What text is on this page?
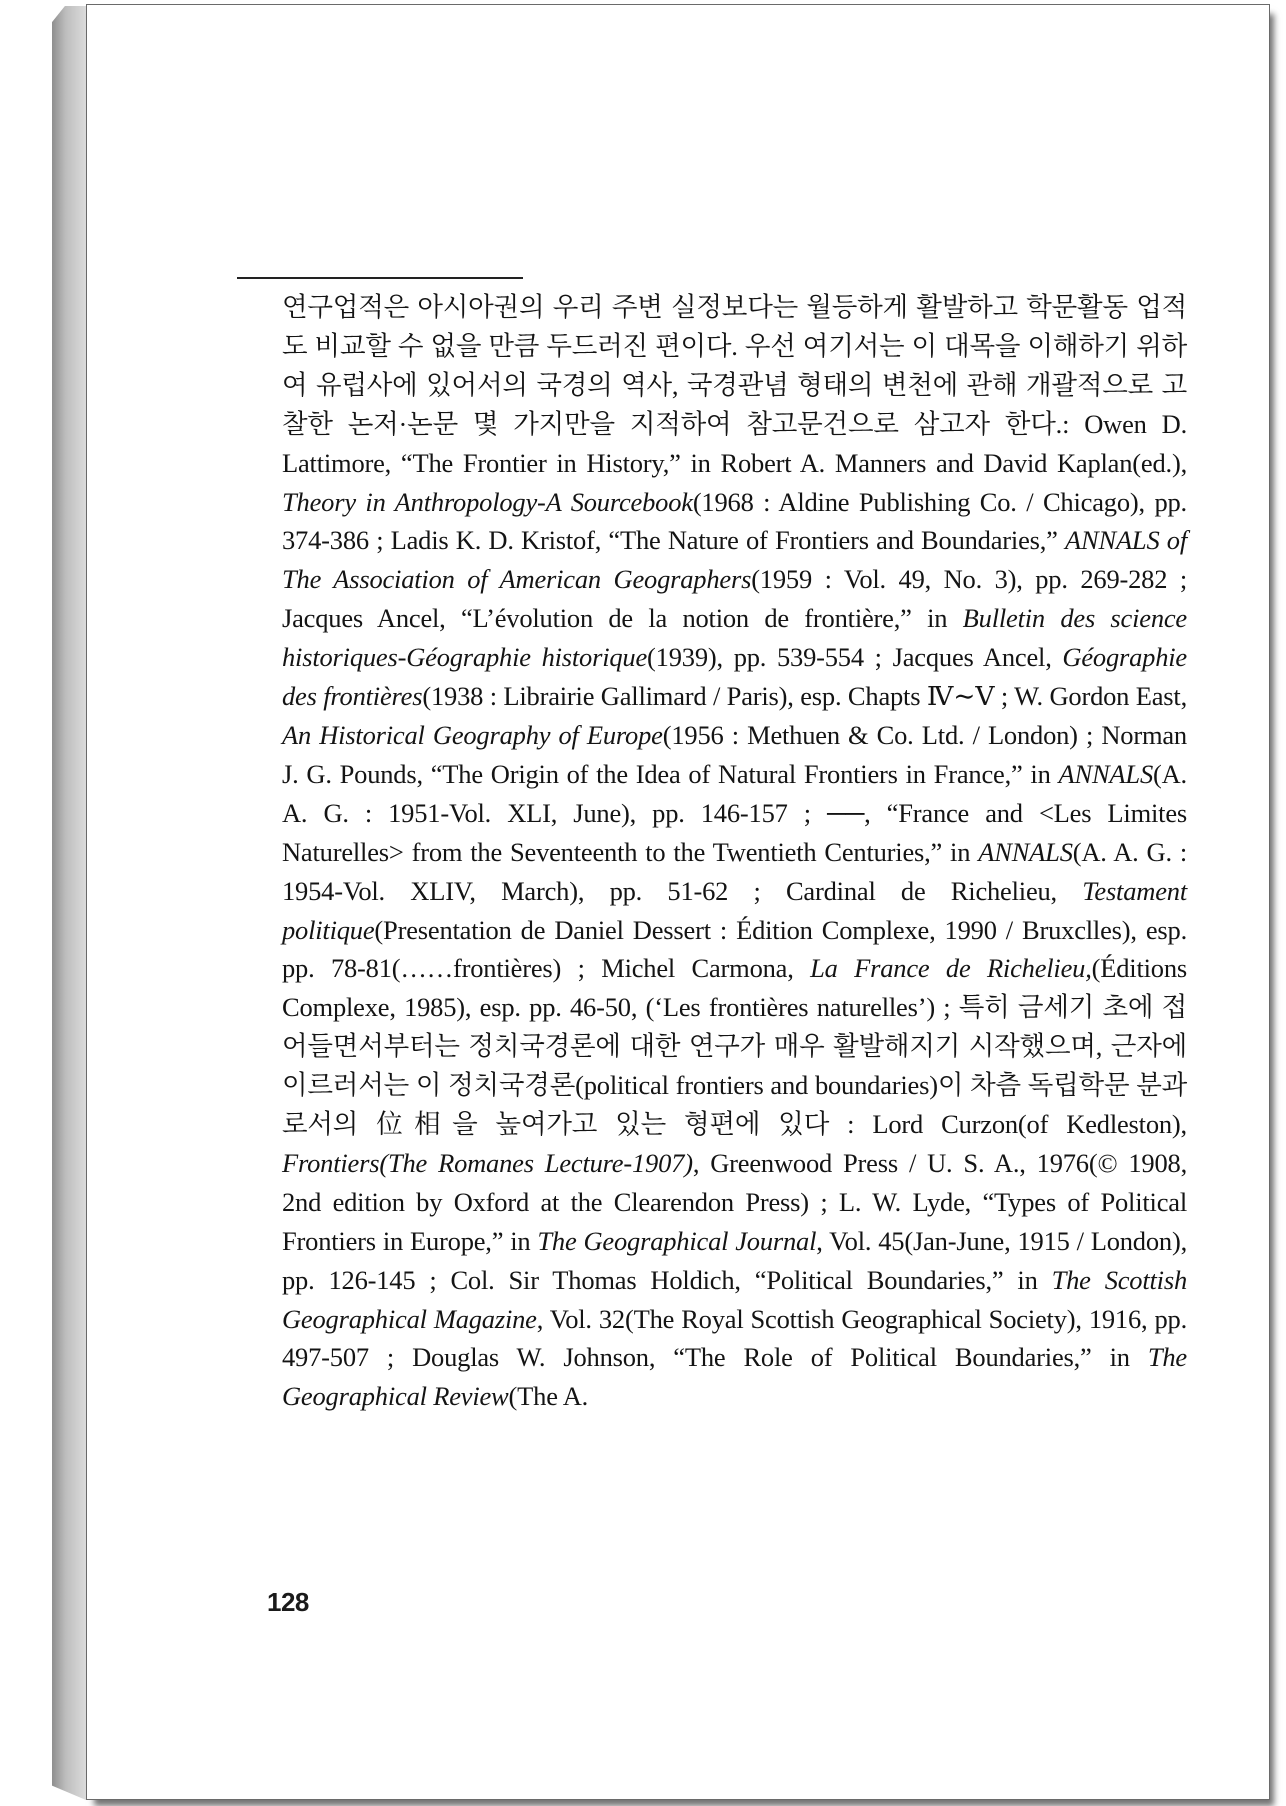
연구업적은 아시아권의 우리 주변 실정보다는 월등하게 활발하고 학문활동 업적도 비교할 수 없을 만큼 두드러진 편이다. 우선 여기서는 이 대목을 이해하기 위하여 유럽사에 있어서의 국경의 역사, 국경관념 형태의 변천에 관해 개괄적으로 고찰한 논저·논문 몇 가지만을 지적하여 참고문건으로 삼고자 한다.: Owen D. Lattimore, “The Frontier in History,” in Robert A. Manners and David Kaplan(ed.), Theory in Anthropology-A Sourcebook(1968 : Aldine Publishing Co. / Chicago), pp. 374-386 ; Ladis K. D. Kristof, “The Nature of Frontiers and Boundaries,” ANNALS of The Association of American Geographers(1959 : Vol. 49, No. 3), pp. 269-282 ; Jacques Ancel, “L’évolution de la notion de frontière,” in Bulletin des science historiques-Géographie historique(1939), pp. 539-554 ; Jacques Ancel, Géographie des frontières(1938 : Librairie Gallimard / Paris), esp. Chapts Ⅳ∼Ⅴ ; W. Gordon East, An Historical Geography of Europe(1956 : Methuen & Co. Ltd. / London) ; Norman J. G. Pounds, “The Origin of the Idea of Natural Frontiers in France,” in ANNALS(A. A. G. : 1951-Vol. XLI, June), pp. 146-157 ; ──, “France and <Les Limites Naturelles> from the Seventeenth to the Twentieth Centuries,” in ANNALS(A. A. G. : 1954-Vol. XLIV, March), pp. 51-62 ; Cardinal de Richelieu, Testament politique(Presentation de Daniel Dessert : Édition Complexe, 1990 / Bruxclles), esp. pp. 78-81(……frontières) ; Michel Carmona, La France de Richelieu,(Éditions Complexe, 1985), esp. pp. 46-50, (‘Les frontières naturelles’) ; 특히 금세기 초에 접어들면서부터는 정치국경론에 대한 연구가 매우 활발해지기 시작했으며, 근자에 이르러서는 이 정치국경론(political frontiers and boundaries)이 차츰 독립학문 분과로서의 位相을 높여가고 있는 형편에 있다 : Lord Curzon(of Kedleston), Frontiers(The Romanes Lecture-1907), Greenwood Press / U. S. A., 1976(© 1908, 2nd edition by Oxford at the Clearendon Press) ; L. W. Lyde, “Types of Political Frontiers in Europe,” in The Geographical Journal, Vol. 45(Jan-June, 1915 / London), pp. 126-145 ; Col. Sir Thomas Holdich, “Political Boundaries,” in The Scottish Geographical Magazine, Vol. 32(The Royal Scottish Geographical Society), 1916, pp. 497-507 ; Douglas W. Johnson, “The Role of Political Boundaries,” in The Geographical Review(The A.
128
